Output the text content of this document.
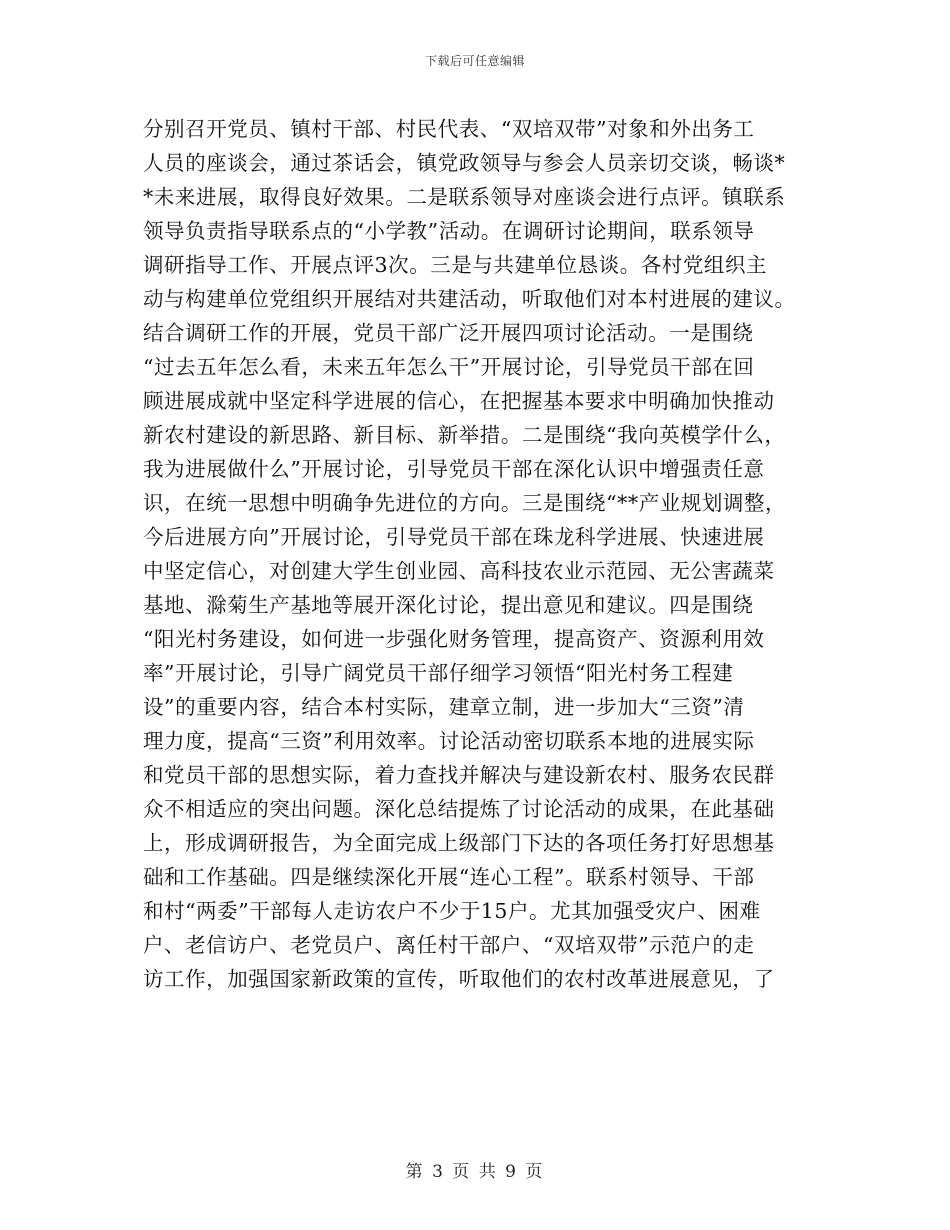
下载后可任意编辑
分别召开党员、镇村干部、村民代表、“双培双带”对象和外出务工
人员的座谈会，通过茶话会，镇党政领导与参会人员亲切交谈，畅谈*
*未来进展，取得良好效果。二是联系领导对座谈会进行点评。镇联系
领导负责指导联系点的“小学教”活动。在调研讨论期间，联系领导
调研指导工作、开展点评3次。三是与共建单位恳谈。各村党组织主
动与构建单位党组织开展结对共建活动，听取他们对本村进展的建议。
结合调研工作的开展，党员干部广泛开展四项讨论活动。一是围绕
“过去五年怎么看，未来五年怎么干”开展讨论，引导党员干部在回
顾进展成就中坚定科学进展的信心，在把握基本要求中明确加快推动
新农村建设的新思路、新目标、新举措。二是围绕“我向英模学什么，
我为进展做什么”开展讨论，引导党员干部在深化认识中增强责任意
识，在统一思想中明确争先进位的方向。三是围绕“**产业规划调整，
今后进展方向”开展讨论，引导党员干部在珠龙科学进展、快速进展
中坚定信心，对创建大学生创业园、高科技农业示范园、无公害蔬菜
基地、滁菊生产基地等展开深化讨论，提出意见和建议。四是围绕
“阳光村务建设，如何进一步强化财务管理，提高资产、资源利用效
率”开展讨论，引导广阔党员干部仔细学习领悟“阳光村务工程建
设”的重要内容，结合本村实际，建章立制，进一步加大“三资”清
理力度，提高“三资”利用效率。讨论活动密切联系本地的进展实际
和党员干部的思想实际，着力查找并解决与建设新农村、服务农民群
众不相适应的突出问题。深化总结提炼了讨论活动的成果，在此基础
上，形成调研报告，为全面完成上级部门下达的各项任务打好思想基
础和工作基础。四是继续深化开展“连心工程”。联系村领导、干部
和村“两委”干部每人走访农户不少于15户。尤其加强受灾户、困难
户、老信访户、老党员户、离任村干部户、“双培双带”示范户的走
访工作，加强国家新政策的宣传，听取他们的农村改革进展意见，了
第 3 页 共 9 页
